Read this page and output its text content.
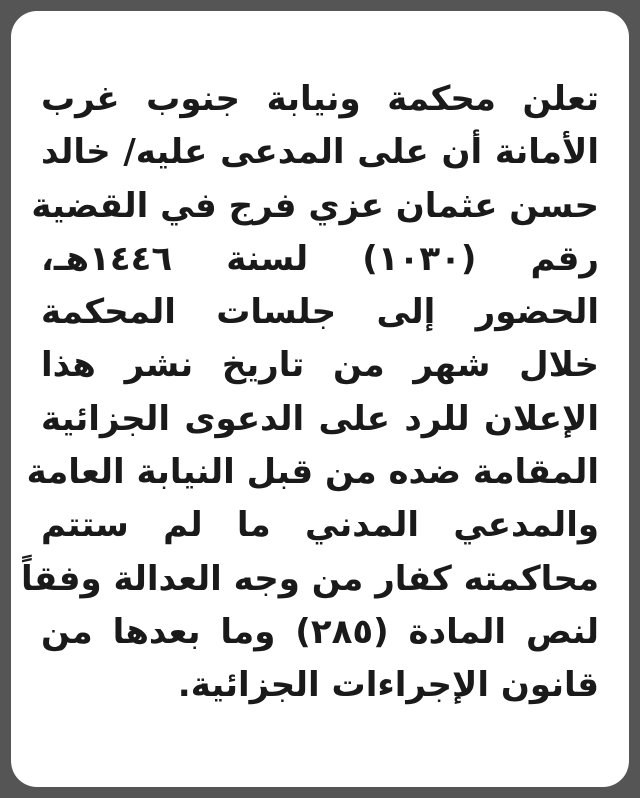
تعلن محكمة ونيابة جنوب غرب
الأمانة أن على المدعى عليه/ خالد
حسن عثمان عزي فرج في القضية
رقم (١٠٣٠) لسنة ١٤٤٦هـ،
الحضور إلى جلسات المحكمة
خلال شهر من تاريخ نشر هذا
الإعلان للرد على الدعوى الجزائية
المقامة ضده من قبل النيابة العامة
والمدعي المدني ما لم ستتم
محاكمته كفار من وجه العدالة وفقاً
لنص المادة (٢٨٥) وما بعدها من
قانون الإجراءات الجزائية.
